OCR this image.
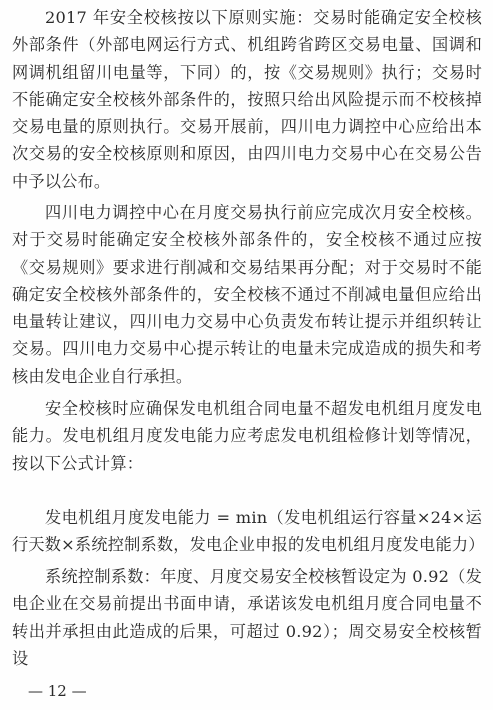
2017 年安全校核按以下原则实施：交易时能确定安全校核外部条件（外部电网运行方式、机组跨省跨区交易电量、国调和网调机组留川电量等，下同）的，按《交易规则》执行；交易时不能确定安全校核外部条件的，按照只给出风险提示而不校核掉交易电量的原则执行。交易开展前，四川电力调控中心应给出本次交易的安全校核原则和原因，由四川电力交易中心在交易公告中予以公布。

四川电力调控中心在月度交易执行前应完成次月安全校核。对于交易时能确定安全校核外部条件的，安全校核不通过应按《交易规则》要求进行削减和交易结果再分配；对于交易时不能确定安全校核外部条件的，安全校核不通过不削减电量但应给出电量转让建议，四川电力交易中心负责发布转让提示并组织转让交易。四川电力交易中心提示转让的电量未完成造成的损失和考核由发电企业自行承担。

安全校核时应确保发电机组合同电量不超发电机组月度发电能力。发电机组月度发电能力应考虑发电机组检修计划等情况，按以下公式计算：

发电机组月度发电能力 = min（发电机组运行容量×24×运行天数×系统控制系数，发电企业申报的发电机组月度发电能力）

系统控制系数：年度、月度交易安全校核暂设定为 0.92（发电企业在交易前提出书面申请，承诺该发电机组月度合同电量不转出并承担由此造成的后果，可超过 0.92）；周交易安全校核暂设

— 12 —
